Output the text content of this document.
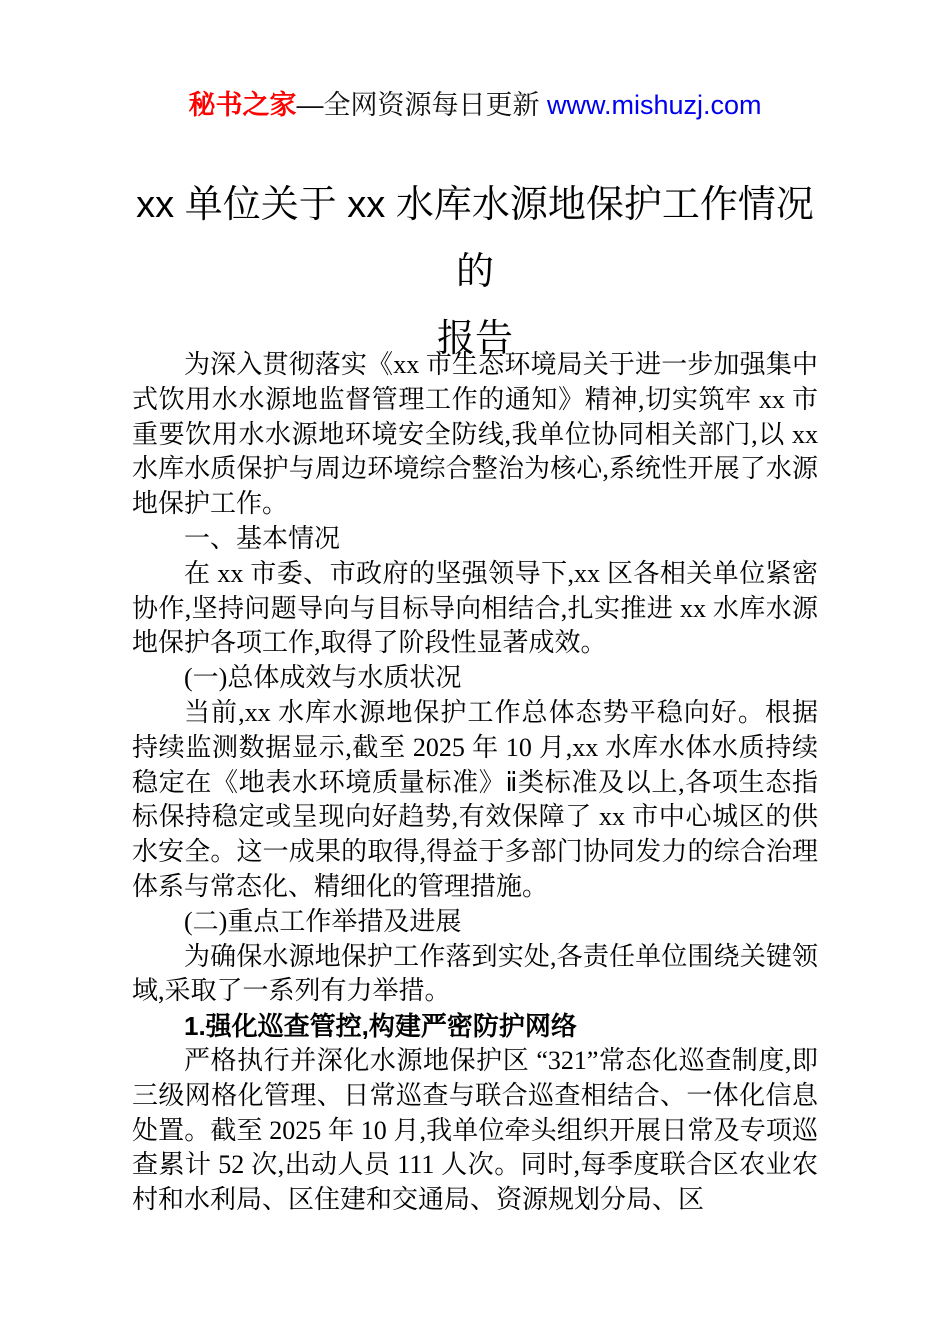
秘书之家—全网资源每日更新 www.mishuzj.com
xx 单位关于 xx 水库水源地保护工作情况的
报告

为深入贯彻落实《xx 市生态环境局关于进一步加强集中式饮用水水源地监督管理工作的通知》精神,切实筑牢 xx 市重要饮用水水源地环境安全防线,我单位协同相关部门,以 xx 水库水质保护与周边环境综合整治为核心,系统性开展了水源地保护工作。

一、基本情况

在 xx 市委、市政府的坚强领导下,xx 区各相关单位紧密协作,坚持问题导向与目标导向相结合,扎实推进 xx 水库水源地保护各项工作,取得了阶段性显著成效。

(一)总体成效与水质状况

当前,xx 水库水源地保护工作总体态势平稳向好。根据持续监测数据显示,截至 2025 年 10 月,xx 水库水体水质持续稳定在《地表水环境质量标准》ⅱ类标准及以上,各项生态指标保持稳定或呈现向好趋势,有效保障了 xx 市中心城区的供水安全。这一成果的取得,得益于多部门协同发力的综合治理体系与常态化、精细化的管理措施。

(二)重点工作举措及进展

为确保水源地保护工作落到实处,各责任单位围绕关键领域,采取了一系列有力举措。

1.强化巡查管控,构建严密防护网络

严格执行并深化水源地保护区 “321”常态化巡查制度,即三级网格化管理、日常巡查与联合巡查相结合、一体化信息处置。截至 2025 年 10 月,我单位牵头组织开展日常及专项巡查累计 52 次,出动人员 111 人次。同时,每季度联合区农业农村和水利局、区住建和交通局、资源规划分局、区
